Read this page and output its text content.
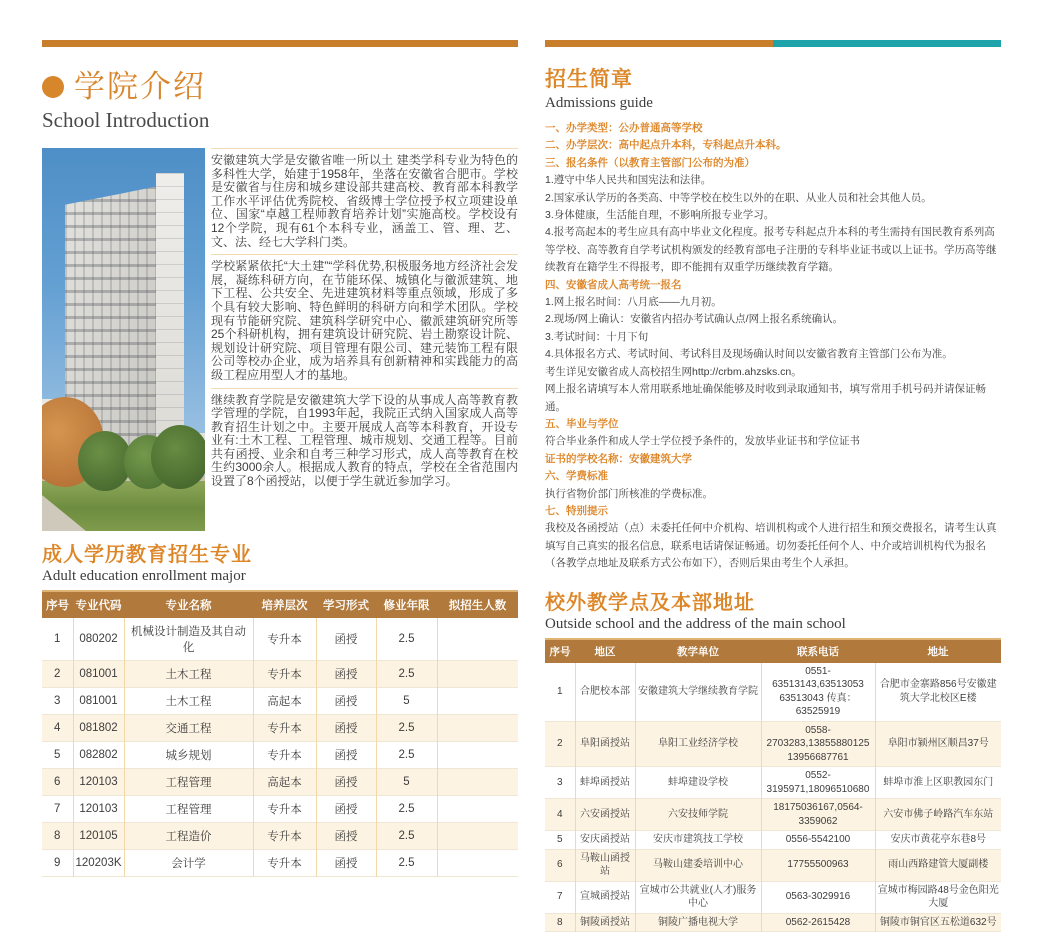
学院介绍
School Introduction

安徽建筑大学是安徽省唯一所以土 建类学科专业为特色的多科性大学，始建于1958年，坐落在安徽省合肥市。学校是安徽省与住房和城乡建设部共建高校、教育部本科教学工作水平评估优秀院校、省级博士学位授予权立项建设单位、国家“卓越工程师教育培养计划”实施高校。学校设有12个学院，现有61个本科专业，涵盖工、管、理、艺、文、法、经七大学科门类。

学校紧紧依托“大土建”“学科优势,积极服务地方经济社会发展，凝练科研方向，在节能环保、城镇化与徽派建筑、地下工程、公共安全、先进建筑材料等重点领域，形成了多个具有较大影响、特色鲜明的科研方向和学术团队。学校现有节能研究院、建筑科学研究中心、徽派建筑研究所等25个科研机构，拥有建筑设计研究院、岩土勘察设计院、规划设计研究院、项目管理有限公司、建元装饰工程有限公司等校办企业，成为培养具有创新精神和实践能力的高级工程应用型人才的基地。

继续教育学院是安徽建筑大学下设的从事成人高等教育教学管理的学院，自1993年起，我院正式纳入国家成人高等教育招生计划之中。主要开展成人高等本科教育，开设专业有:土木工程、工程管理、城市规划、交通工程等。目前共有函授、业余和自考三种学习形式，成人高等教育在校生约3000余人。根据成人教育的特点，学校在全省范围内设置了8个函授站，以便于学生就近参加学习。

成人学历教育招生专业
Adult education enrollment major
序号	专业代码	专业名称	培养层次	学习形式	修业年限	拟招生人数
1	080202	机械设计制造及其自动化	专升本	函授	2.5	
2	081001	土木工程	专升本	函授	2.5	
3	081001	土木工程	高起本	函授	5	
4	081802	交通工程	专升本	函授	2.5	
5	082802	城乡规划	专升本	函授	2.5	
6	120103	工程管理	高起本	函授	5	
7	120103	工程管理	专升本	函授	2.5	
8	120105	工程造价	专升本	函授	2.5	
9	120203K	会计学	专升本	函授	2.5	
招生简章
Admissions guide
一、办学类型：公办普通高等学校
二、办学层次：高中起点升本科，专科起点升本科。
三、报名条件（以教育主管部门公布的为准）
1.遵守中华人民共和国宪法和法律。
2.国家承认学历的各类高、中等学校在校生以外的在职、从业人员和社会其他人员。
3.身体健康，生活能自理，不影响所报专业学习。
4.报考高起本的考生应具有高中毕业文化程度。报考专科起点升本科的考生需持有国民教育系列高等学校、高等教育自学考试机构颁发的经教育部电子注册的专科毕业证书或以上证书。学历高等继续教育在籍学生不得报考，即不能拥有双重学历继续教育学籍。
四、安徽省成人高考统一报名
1.网上报名时间：八月底——九月初。
2.现场/网上确认：安徽省内招办考试确认点/网上报名系统确认。
3.考试时间：十月下旬
4.具体报名方式、考试时间、考试科目及现场确认时间以安徽省教育主管部门公布为准。
考生详见安徽省成人高校招生网http://crbm.ahzsks.cn。
网上报名请填写本人常用联系地址确保能够及时收到录取通知书，填写常用手机号码并请保证畅通。
五、毕业与学位
符合毕业条件和成人学士学位授予条件的，发放毕业证书和学位证书
证书的学校名称：安徽建筑大学
六、学费标准
执行省物价部门所核准的学费标准。
七、特别提示
我校及各函授站（点）未委托任何中介机构、培训机构或个人进行招生和预交费报名，请考生认真填写自己真实的报名信息，联系电话请保证畅通。切勿委托任何个人、中介或培训机构代为报名（各教学点地址及联系方式公布如下），否则后果由考生个人承担。
校外教学点及本部地址
Outside school and the address of the main school
序号	地区	教学单位	联系电话	地址
1	合肥校本部	安徽建筑大学继续教育学院	0551-63513143,63513053 63513043 传真：63525919	合肥市金寨路856号安徽建筑大学北校区E楼
2	阜阳函授站	阜阳工业经济学校	0558-2703283,13855880125 13956687761	阜阳市颍州区顺昌37号
3	蚌埠函授站	蚌埠建设学校	0552-3195971,18096510680	蚌埠市淮上区职教园东门
4	六安函授站	六安技师学院	18175036167,0564-3359062	六安市佛子岭路汽车东站
5	安庆函授站	安庆市建筑技工学校	0556-5542100	安庆市黄花亭东巷8号
6	马鞍山函授站	马鞍山建委培训中心	17755500963	雨山西路建管大厦副楼
7	宣城函授站	宣城市公共就业(人才)服务中心	0563-3029916	宣城市梅园路48号金色阳光大厦
8	铜陵函授站	铜陵广播电视大学	0562-2615428	铜陵市铜官区五松道632号
